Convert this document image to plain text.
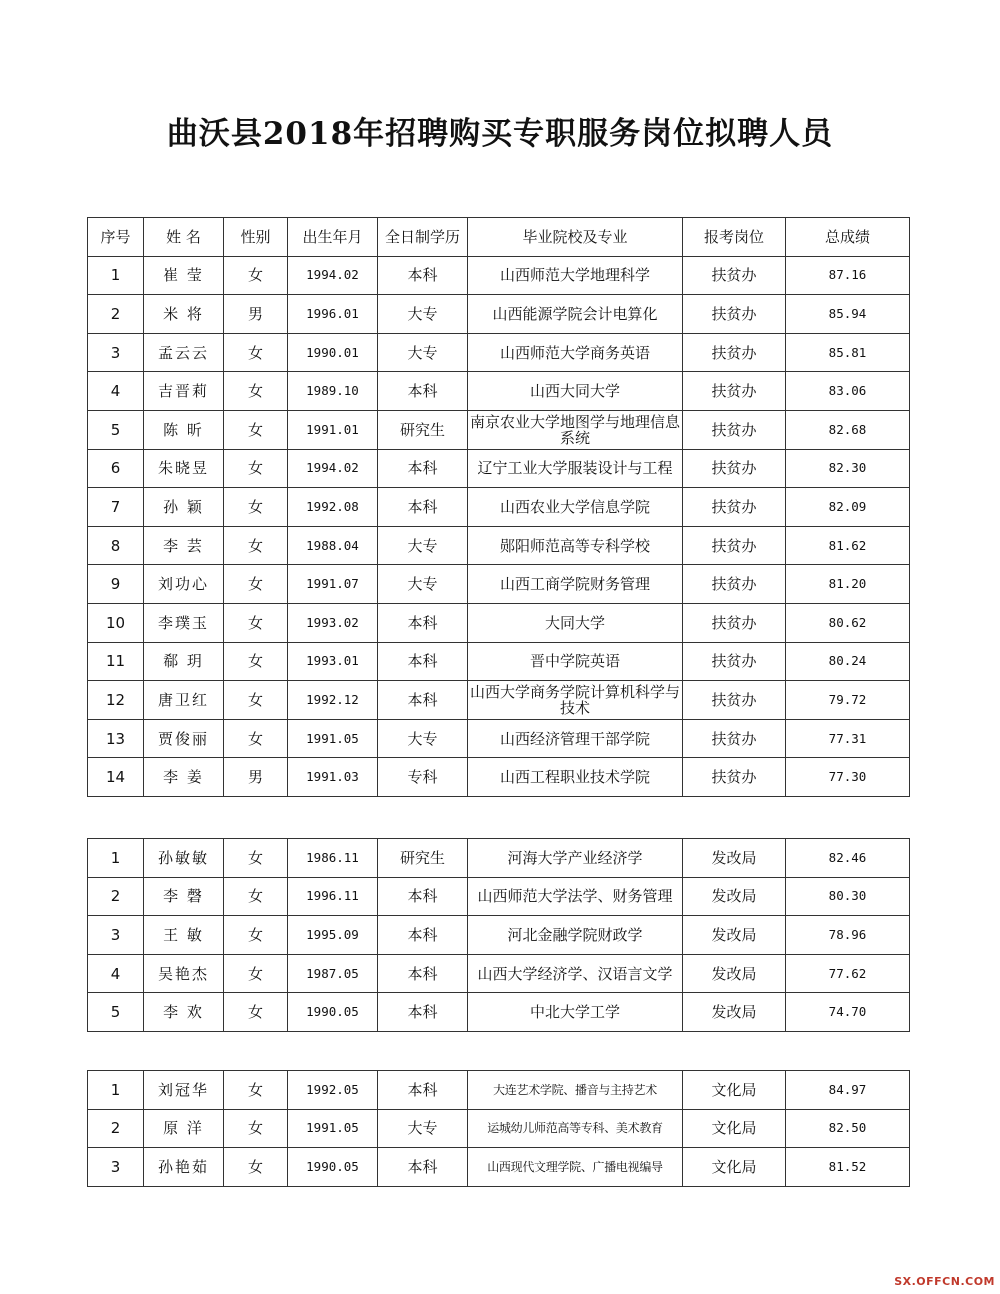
曲沃县2018年招聘购买专职服务岗位拟聘人员
序号	姓 名	性别	出生年月	全日制学历	毕业院校及专业	报考岗位	总成绩
1	崔 莹	女	1994.02	本科	山西师范大学地理科学	扶贫办	87.16
2	米 将	男	1996.01	大专	山西能源学院会计电算化	扶贫办	85.94
3	孟云云	女	1990.01	大专	山西师范大学商务英语	扶贫办	85.81
4	吉晋莉	女	1989.10	本科	山西大同大学	扶贫办	83.06
5	陈 昕	女	1991.01	研究生	南京农业大学地图学与地理信息系统	扶贫办	82.68
6	朱晓昱	女	1994.02	本科	辽宁工业大学服装设计与工程	扶贫办	82.30
7	孙 颖	女	1992.08	本科	山西农业大学信息学院	扶贫办	82.09
8	李 芸	女	1988.04	大专	郧阳师范高等专科学校	扶贫办	81.62
9	刘功心	女	1991.07	大专	山西工商学院财务管理	扶贫办	81.20
10	李璞玉	女	1993.02	本科	大同大学	扶贫办	80.62
11	郗 玥	女	1993.01	本科	晋中学院英语	扶贫办	80.24
12	唐卫红	女	1992.12	本科	山西大学商务学院计算机科学与技术	扶贫办	79.72
13	贾俊丽	女	1991.05	大专	山西经济管理干部学院	扶贫办	77.31
14	李 姜	男	1991.03	专科	山西工程职业技术学院	扶贫办	77.30
1	孙敏敏	女	1986.11	研究生	河海大学产业经济学	发改局	82.46
2	李 磬	女	1996.11	本科	山西师范大学法学、财务管理	发改局	80.30
3	王 敏	女	1995.09	本科	河北金融学院财政学	发改局	78.96
4	吴艳杰	女	1987.05	本科	山西大学经济学、汉语言文学	发改局	77.62
5	李 欢	女	1990.05	本科	中北大学工学	发改局	74.70
1	刘冠华	女	1992.05	本科	大连艺术学院、播音与主持艺术	文化局	84.97
2	原 洋	女	1991.05	大专	运城幼儿师范高等专科、美术教育	文化局	82.50
3	孙艳茹	女	1990.05	本科	山西现代文理学院、广播电视编导	文化局	81.52
SX.OFFCN.COM
